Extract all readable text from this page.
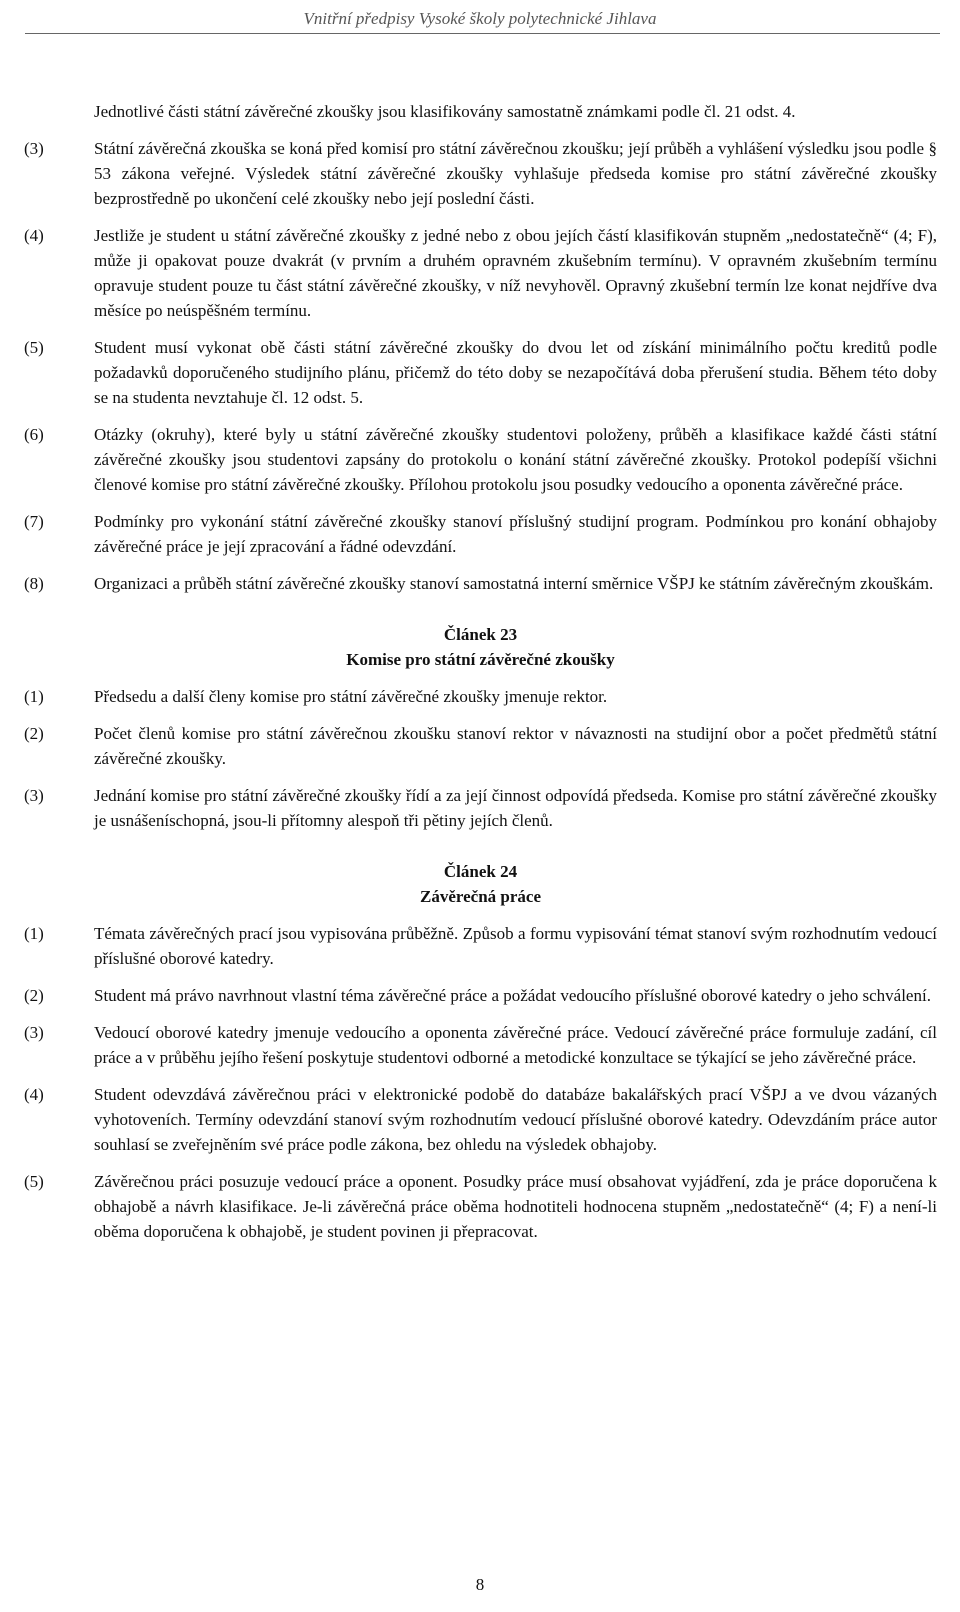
Vnitřní předpisy Vysoké školy polytechnické Jihlava
Jednotlivé části státní závěrečné zkoušky jsou klasifikovány samostatně známkami podle čl. 21 odst. 4.
(3)	Státní závěrečná zkouška se koná před komisí pro státní závěrečnou zkoušku; její průběh a vyhlášení výsledku jsou podle § 53 zákona veřejné. Výsledek státní závěrečné zkoušky vyhlašuje předseda komise pro státní závěrečné zkoušky bezprostředně po ukončení celé zkoušky nebo její poslední části.
(4)	Jestliže je student u státní závěrečné zkoušky z jedné nebo z obou jejích částí klasifikován stupněm „nedostatečně“ (4; F), může ji opakovat pouze dvakrát (v prvním a druhém opravném zkušebním termínu). V opravném zkušebním termínu opravuje student pouze tu část státní závěrečné zkoušky, v níž nevyhověl. Opravný zkušební termín lze konat nejdříve dva měsíce po neúspěšném termínu.
(5)	Student musí vykonat obě části státní závěrečné zkoušky do dvou let od získání minimálního počtu kreditů podle požadavků doporučeného studijního plánu, přičemž do této doby se nezapočítává doba přerušení studia. Během této doby se na studenta nevztahuje čl. 12 odst. 5.
(6)	Otázky (okruhy), které byly u státní závěrečné zkoušky studentovi položeny, průběh a klasifikace každé části státní závěrečné zkoušky jsou studentovi zapsány do protokolu o konání státní závěrečné zkoušky. Protokol podepíší všichni členové komise pro státní závěrečné zkoušky. Přílohou protokolu jsou posudky vedoucího a oponenta závěrečné práce.
(7)	Podmínky pro vykonání státní závěrečné zkoušky stanoví příslušný studijní program. Podmínkou pro konání obhajoby závěrečné práce je její zpracování a řádné odevzdání.
(8)	Organizaci a průběh státní závěrečné zkoušky stanoví samostatná interní směrnice VŠPJ ke státním závěrečným zkouškám.
Článek 23
Komise pro státní závěrečné zkoušky
(1)	Předsedu a další členy komise pro státní závěrečné zkoušky jmenuje rektor.
(2)	Počet členů komise pro státní závěrečnou zkoušku stanoví rektor v návaznosti na studijní obor a počet předmětů státní závěrečné zkoušky.
(3)	Jednání komise pro státní závěrečné zkoušky řídí a za její činnost odpovídá předseda. Komise pro státní závěrečné zkoušky je usnášeníschopná, jsou-li přítomny alespoň tři pětiny jejích členů.
Článek 24
Závěrečná práce
(1)	Témata závěrečných prací jsou vypisována průběžně. Způsob a formu vypisování témat stanoví svým rozhodnutím vedoucí příslušné oborové katedry.
(2)	Student má právo navrhnout vlastní téma závěrečné práce a požádat vedoucího příslušné oborové katedry o jeho schválení.
(3)	Vedoucí oborové katedry jmenuje vedoucího a oponenta závěrečné práce. Vedoucí závěrečné práce formuluje zadání, cíl práce a v průběhu jejího řešení poskytuje studentovi odborné a metodické konzultace se týkající se jeho závěrečné práce.
(4)	Student odevzdává závěrečnou práci v elektronické podobě do databáze bakalářských prací VŠPJ a ve dvou vázaných vyhotoveních. Termíny odevzdání stanoví svým rozhodnutím vedoucí příslušné oborové katedry. Odevzdáním práce autor souhlasí se zveřejněním své práce podle zákona, bez ohledu na výsledek obhajoby.
(5)	Závěrečnou práci posuzuje vedoucí práce a oponent. Posudky práce musí obsahovat vyjádření, zda je práce doporučena k obhajobě a návrh klasifikace. Je-li závěrečná práce oběma hodnotiteli hodnocena stupněm „nedostatečně“ (4; F) a není-li oběma doporučena k obhajobě, je student povinen ji přepracovat.
8
